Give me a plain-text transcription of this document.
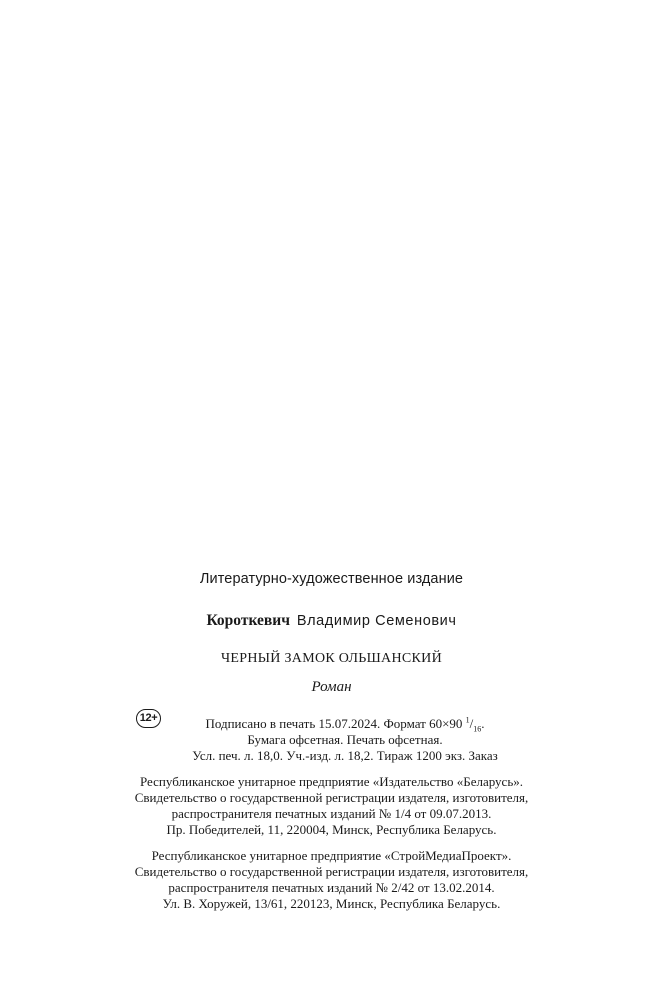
Литературно-художественное издание
Короткевич Владимир Семенович
ЧЕРНЫЙ ЗАМОК ОЛЬШАНСКИЙ
Роман
12+	Подписано в печать 15.07.2024. Формат 60×90 $^1/_{16}$.
Бумага офсетная. Печать офсетная.
Усл. печ. л. 18,0. Уч.-изд. л. 18,2. Тираж 1200 экз. Заказ
Республиканское унитарное предприятие «Издательство «Беларусь».
Свидетельство о государственной регистрации издателя, изготовителя,
распространителя печатных изданий № 1/4 от 09.07.2013.
Пр. Победителей, 11, 220004, Минск, Республика Беларусь.
Республиканское унитарное предприятие «СтройМедиаПроект».
Свидетельство о государственной регистрации издателя, изготовителя,
распространителя печатных изданий № 2/42 от 13.02.2014.
Ул. В. Хоружей, 13/61, 220123, Минск, Республика Беларусь.
